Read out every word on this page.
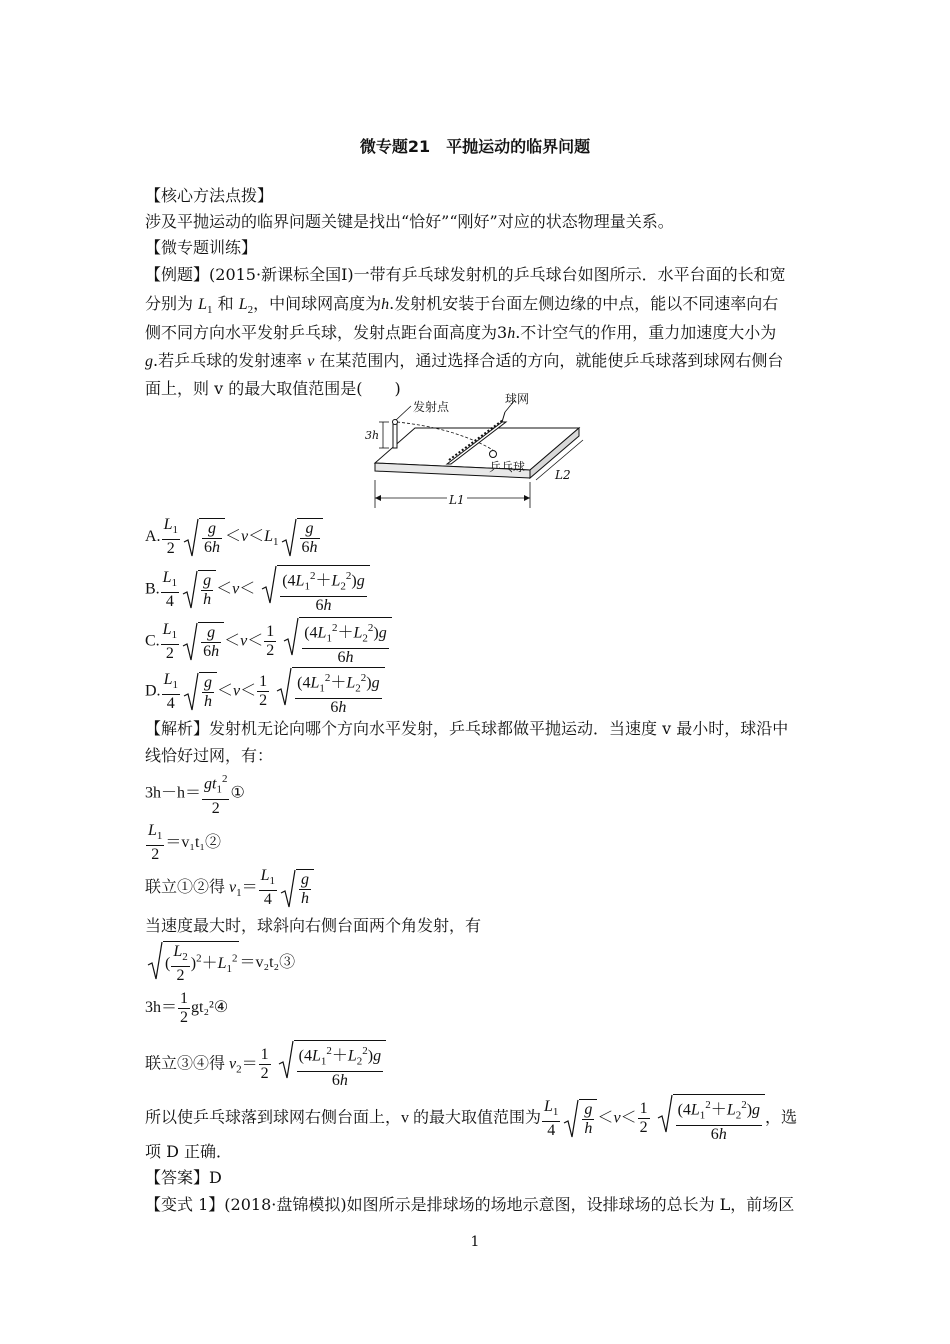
微专题21　平抛运动的临界问题
【核心方法点拨】
涉及平抛运动的临界问题关键是找出“恰好”“刚好”对应的状态物理量关系。
【微专题训练】
【例题】(2015·新课标全国Ⅰ)一带有乒乓球发射机的乒乓球台如图所示．水平台面的长和宽
分别为 $L_1$ 和 $L_2$，中间球网高度为h.发射机安装于台面左侧边缘的中点，能以不同速率向右
侧不同方向水平发射乒乓球，发射点距台面高度为3h.不计空气的作用，重力加速度大小为
g.若乒乓球的发射速率 v 在某范围内，通过选择合适的方向，就能使乒乓球落到球网右侧台
面上，则 v 的最大取值范围是(　　)
发射点
球网
乒乓球
3h
L1
L2
A. $\frac{L_1}{2} \frac{g}{6h} <v<L_1 \frac{g}{6h}$
B. $\frac{L_1}{4} \frac{g}{h} <v< \frac{(4L_1^2+L_2^2)g}{6h}$
C. $\frac{L_1}{2} \frac{g}{6h} <v< \frac{1}{2}$
$\frac{(4L_1^2+L_2^2)g}{6h}$
D. $\frac{L_1}{4} \frac{g}{h} <v< \frac{1}{2}$
$\frac{(4L_1^2+L_2^2)g}{6h}$
【解析】发射机无论向哪个方向水平发射，乒乓球都做平抛运动．当速度 v 最小时，球沿中
线恰好过网，有：
$3h-h= \frac{gt_1^2}{2}$ ①
$\frac{L_1}{2}$ ＝v₁t₁②
联立①②得 $v_1= \frac{L_1}{4} \frac{g}{h}$
当速度最大时，球斜向右侧台面两个角发射，有
( $\frac{L_2}{2} )^2+L_1^2$ ＝v₂t₂③
$3h= \frac{1}{2}$ gt₂²④
联立③④得 $v_2= \frac{1}{2}$
$\frac{(4L_1^2+L_2^2)g}{6h}$
所以使乒乓球落到球网右侧台面上，v 的最大取值范围为 $\frac{L_1}{4} \frac{g}{h} <v< \frac{1}{2}$
$\frac{(4L_1^2+L_2^2)g}{6h}$ ，选
项 D 正确．
【答案】D
【变式 1】(2018·盘锦模拟)如图所示是排球场的场地示意图，设排球场的总长为 L，前场区
1
